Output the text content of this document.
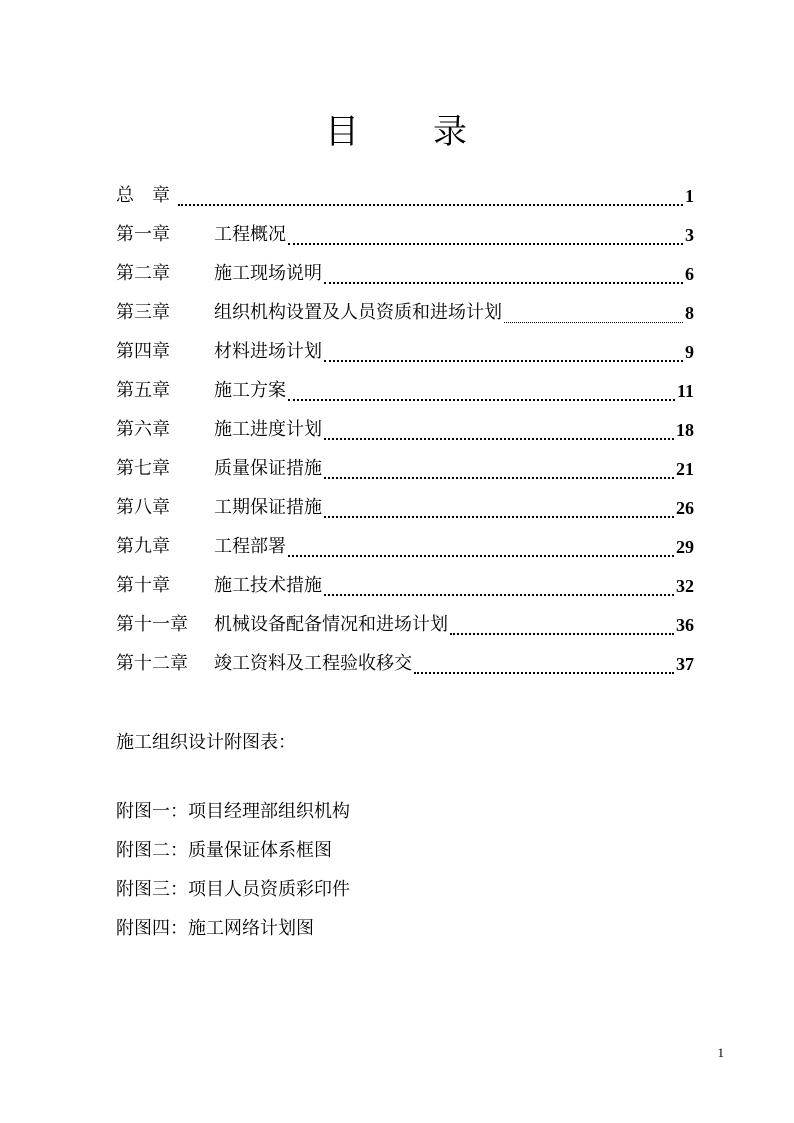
目 录
总　章	1
第一章	工程概况	3
第二章	施工现场说明	6
第三章	组织机构设置及人员资质和进场计划	8
第四章	材料进场计划	9
第五章	施工方案	11
第六章	施工进度计划	18
第七章	质量保证措施	21
第八章	工期保证措施	26
第九章	工程部署	29
第十章	施工技术措施	32
第十一章	机械设备配备情况和进场计划	36
第十二章	竣工资料及工程验收移交	37
施工组织设计附图表：
附图一：项目经理部组织机构
附图二：质量保证体系框图
附图三：项目人员资质彩印件
附图四：施工网络计划图
1
